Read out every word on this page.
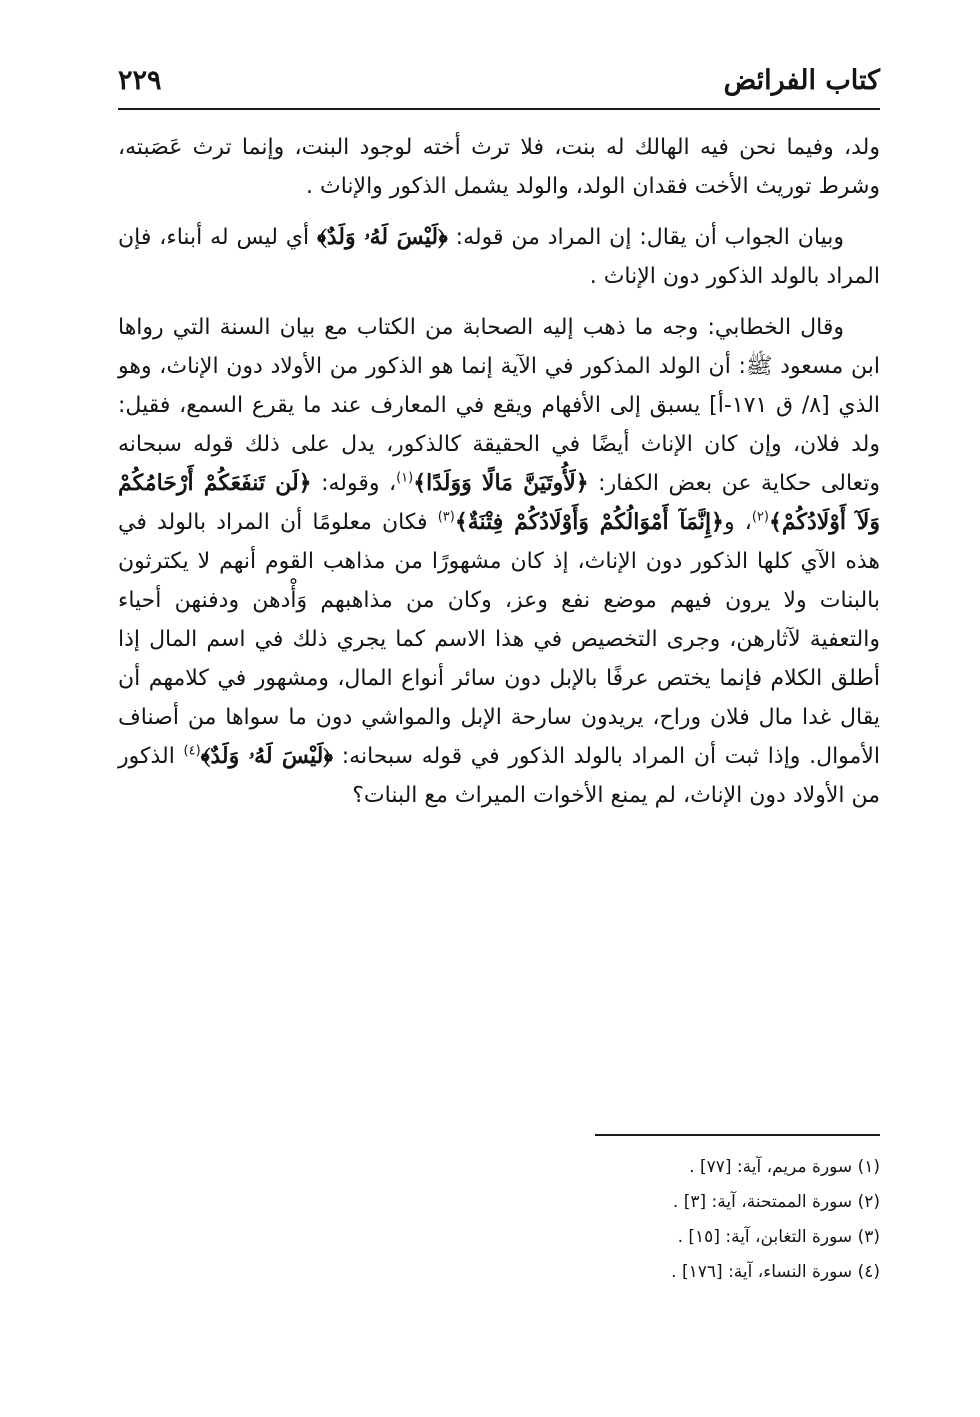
كتاب الفرائض
٢٢٩

ولد، وفيما نحن فيه الهالك له بنت، فلا ترث أخته لوجود البنت، وإنما ترث عَصَبته، وشرط توريث الأخت فقدان الولد، والولد يشمل الذكور والإناث .

وبيان الجواب أن يقال: إن المراد من قوله: ﴿لَيْسَ لَهُۥ وَلَدٌ﴾ أي ليس له أبناء، فإن المراد بالولد الذكور دون الإناث .

وقال الخطابي: وجه ما ذهب إليه الصحابة من الكتاب مع بيان السنة التي رواها ابن مسعود ﷺ: أن الولد المذكور في الآية إنما هو الذكور من الأولاد دون الإناث، وهو الذي [٨/ ق ١٧١-أ] يسبق إلى الأفهام ويقع في المعارف عند ما يقرع السمع، فقيل: ولد فلان، وإن كان الإناث أيضًا في الحقيقة كالذكور، يدل على ذلك قوله سبحانه وتعالى حكاية عن بعض الكفار: ﴿لَأُوتَيَنَّ مَالًا وَوَلَدًا﴾$^{(١)}$، وقوله: ﴿لَن تَنفَعَكُمْ أَرْحَامُكُمْ وَلَآ أَوْلَادُكُمْ﴾$^{(٢)}$، و﴿إِنَّمَآ أَمْوَالُكُمْ وَأَوْلَادُكُمْ فِتْنَةٌ﴾$^{(٣)}$ فكان معلومًا أن المراد بالولد في هذه الآي كلها الذكور دون الإناث، إذ كان مشهورًا من مذاهب القوم أنهم لا يكترثون بالبنات ولا يرون فيهم موضع نفع وعز، وكان من مذاهبهم وَأْدهن ودفنهن أحياء والتعفية لآثارهن، وجرى التخصيص في هذا الاسم كما يجري ذلك في اسم المال إذا أطلق الكلام فإنما يختص عرفًا بالإبل دون سائر أنواع المال، ومشهور في كلامهم أن يقال غدا مال فلان وراح، يريدون سارحة الإبل والمواشي دون ما سواها من أصناف الأموال. وإذا ثبت أن المراد بالولد الذكور في قوله سبحانه: ﴿لَيْسَ لَهُۥ وَلَدٌ﴾$^{(٤)}$ الذكور من الأولاد دون الإناث، لم يمنع الأخوات الميراث مع البنات؟

(١) سورة مريم، آية: [٧٧] .
(٢) سورة الممتحنة، آية: [٣] .
(٣) سورة التغابن، آية: [١٥] .
(٤) سورة النساء، آية: [١٧٦] .
